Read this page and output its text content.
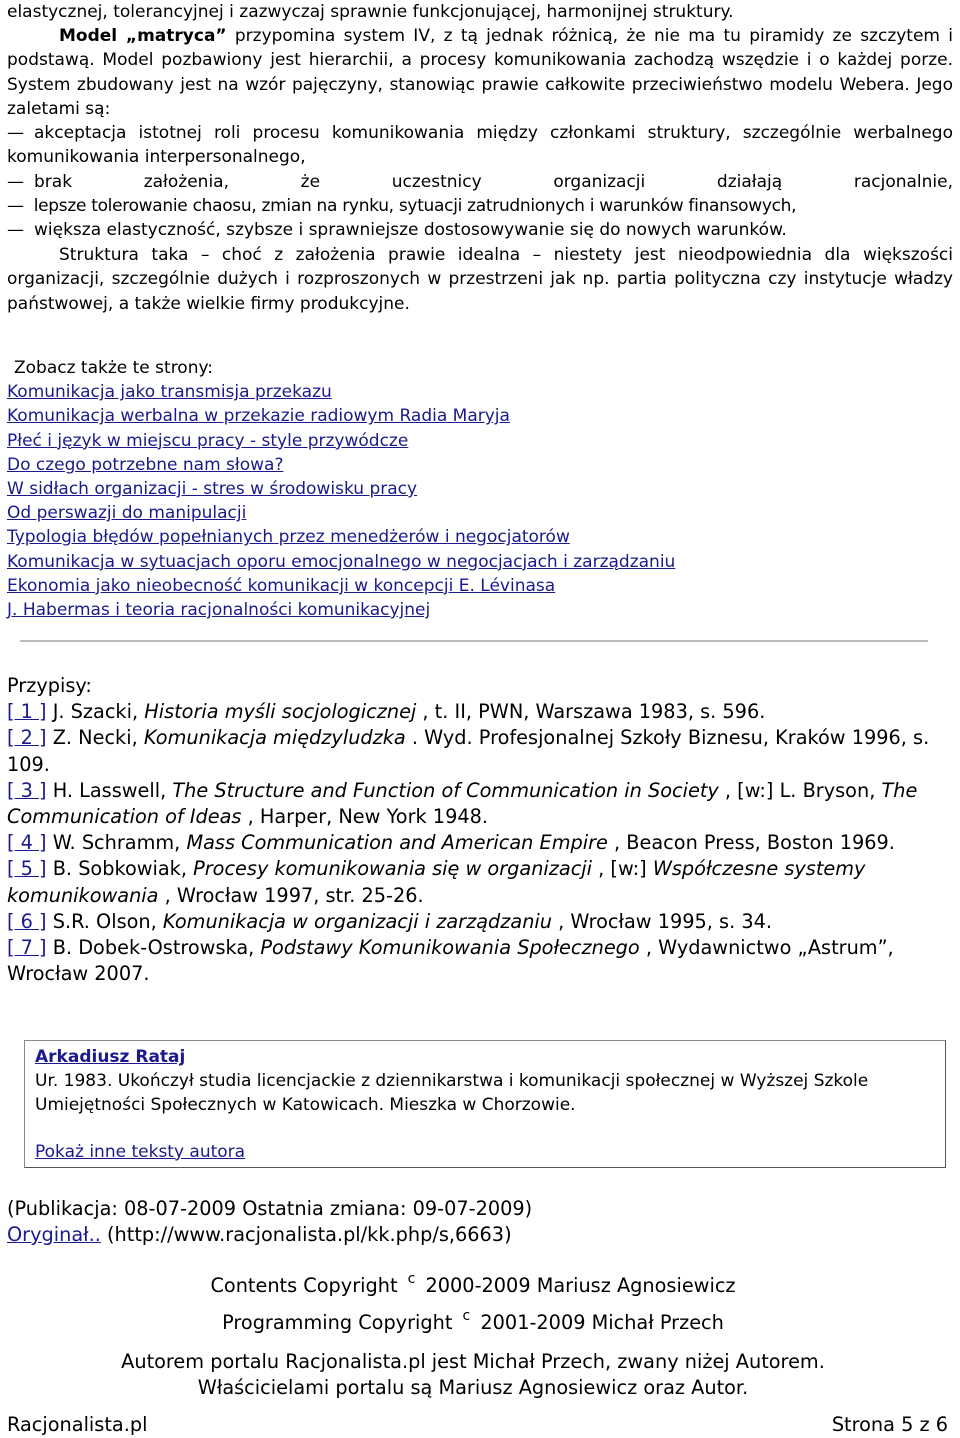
elastycznej, tolerancyjnej i zazwyczaj sprawnie funkcjonującej, harmonijnej struktury.

Model „matryca” przypomina system IV, z tą jednak różnicą, że nie ma tu piramidy ze szczytem i podstawą. Model pozbawiony jest hierarchii, a procesy komunikowania zachodzą wszędzie i o każdej porze. System zbudowany jest na wzór pajęczyny, stanowiąc prawie całkowite przeciwieństwo modelu Webera. Jego zaletami są:

— akceptacja istotnej roli procesu komunikowania między członkami struktury, szczególnie werbalnego komunikowania interpersonalnego,

— brak założenia, że uczestnicy organizacji działają racjonalnie,

— lepsze tolerowanie chaosu, zmian na rynku, sytuacji zatrudnionych i warunków finansowych,

— większa elastyczność, szybsze i sprawniejsze dostosowywanie się do nowych warunków.

Struktura taka – choć z założenia prawie idealna – niestety jest nieodpowiednia dla większości organizacji, szczególnie dużych i rozproszonych w przestrzeni jak np. partia polityczna czy instytucje władzy państwowej, a także wielkie firmy produkcyjne.

Zobacz także te strony:
Komunikacja jako transmisja przekazu
Komunikacja werbalna w przekazie radiowym Radia Maryja
Płeć i język w miejscu pracy - style przywódcze
Do czego potrzebne nam słowa?
W sidłach organizacji - stres w środowisku pracy
Od perswazji do manipulacji
Typologia błędów popełnianych przez menedżerów i negocjatorów
Komunikacja w sytuacjach oporu emocjonalnego w negocjacjach i zarządzaniu
Ekonomia jako nieobecność komunikacji w koncepcji E. Lévinasa
J. Habermas i teoria racjonalności komunikacyjnej
Przypisy:

[ 1 ] J. Szacki, Historia myśli socjologicznej , t. II, PWN, Warszawa 1983, s. 596.

[ 2 ] Z. Necki, Komunikacja międzyludzka . Wyd. Profesjonalnej Szkoły Biznesu, Kraków 1996, s. 109.

[ 3 ] H. Lasswell, The Structure and Function of Communication in Society , [w:] L. Bryson, The Communication of Ideas , Harper, New York 1948.

[ 4 ] W. Schramm, Mass Communication and American Empire , Beacon Press, Boston 1969.

[ 5 ] B. Sobkowiak, Procesy komunikowania się w organizacji , [w:] Współczesne systemy komunikowania , Wrocław 1997, str. 25-26.

[ 6 ] S.R. Olson, Komunikacja w organizacji i zarządzaniu , Wrocław 1995, s. 34.

[ 7 ] B. Dobek-Ostrowska, Podstawy Komunikowania Społecznego , Wydawnictwo „Astrum”, Wrocław 2007.

Arkadiusz Rataj
Ur. 1983. Ukończył studia licencjackie z dziennikarstwa i komunikacji społecznej w Wyższej Szkole Umiejętności Społecznych w Katowicach. Mieszka w Chorzowie.
Pokaż inne teksty autora
(Publikacja: 08-07-2009 Ostatnia zmiana: 09-07-2009)
Oryginał.. (http://www.racjonalista.pl/kk.php/s,6663)
Contents Copyright c 2000-2009 Mariusz Agnosiewicz
Programming Copyright c 2001-2009 Michał Przech
Autorem portalu Racjonalista.pl jest Michał Przech, zwany niżej Autorem.
Właścicielami portalu są Mariusz Agnosiewicz oraz Autor.
Racjonalista.pl	Strona 5 z 6
